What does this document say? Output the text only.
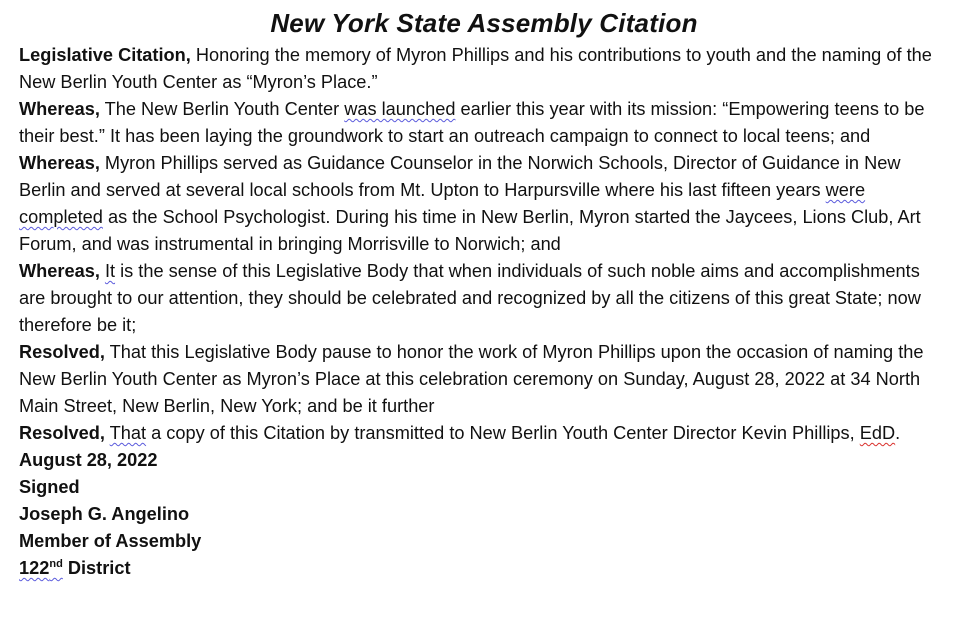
New York State Assembly Citation

Legislative Citation, Honoring the memory of Myron Phillips and his contributions to youth and the naming of the New Berlin Youth Center as “Myron’s Place.”

Whereas, The New Berlin Youth Center was launched earlier this year with its mission: “Empowering teens to be their best.” It has been laying the groundwork to start an outreach campaign to connect to local teens; and

Whereas, Myron Phillips served as Guidance Counselor in the Norwich Schools, Director of Guidance in New Berlin and served at several local schools from Mt. Upton to Harpursville where his last fifteen years were completed as the School Psychologist. During his time in New Berlin, Myron started the Jaycees, Lions Club, Art Forum, and was instrumental in bringing Morrisville to Norwich; and

Whereas, It is the sense of this Legislative Body that when individuals of such noble aims and accomplishments are brought to our attention, they should be celebrated and recognized by all the citizens of this great State; now therefore be it;

Resolved, That this Legislative Body pause to honor the work of Myron Phillips upon the occasion of naming the New Berlin Youth Center as Myron’s Place at this celebration ceremony on Sunday, August 28, 2022 at 34 North Main Street, New Berlin, New York; and be it further

Resolved, That a copy of this Citation by transmitted to New Berlin Youth Center Director Kevin Phillips, EdD.

August 28, 2022

Signed

Joseph G. Angelino

Member of Assembly

122nd District
